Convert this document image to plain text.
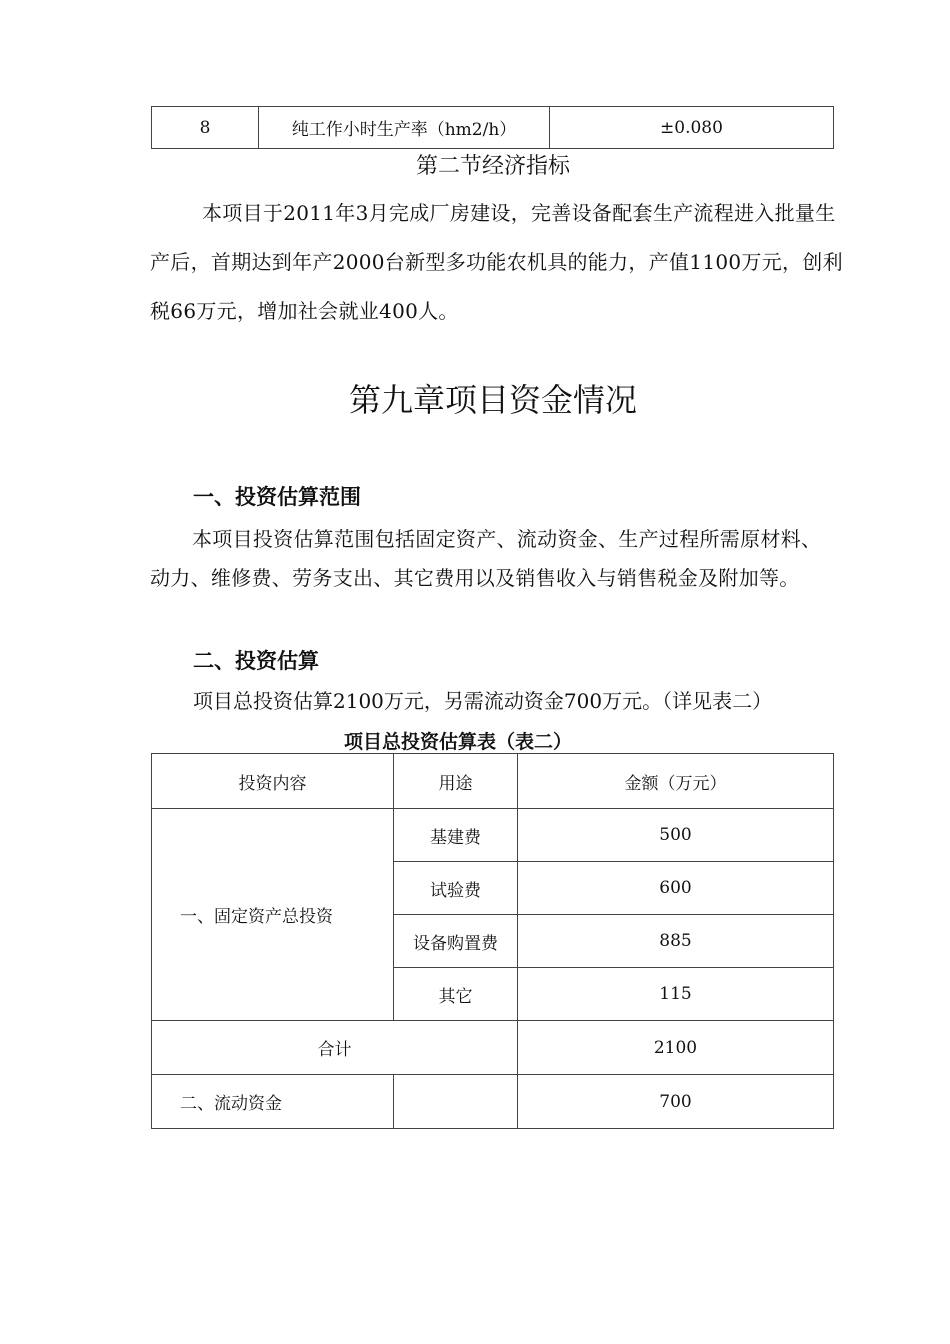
8	纯工作小时生产率（hm2/h）	±0.080
第二节经济指标
本项目于2011年3月完成厂房建设，完善设备配套生产流程进入批量生产后，首期达到年产2000台新型多功能农机具的能力，产值1100万元，创利税66万元，增加社会就业400人。
第九章项目资金情况
一、投资估算范围
本项目投资估算范围包括固定资产、流动资金、生产过程所需原材料、动力、维修费、劳务支出、其它费用以及销售收入与销售税金及附加等。
二、投资估算
项目总投资估算2100万元，另需流动资金700万元。（详见表二）
项目总投资估算表（表二）
投资内容	用途	金额（万元）
一、固定资产总投资	基建费	500
	试验费	600
	设备购置费	885
	其它	115
合计		2100
二、流动资金		700
